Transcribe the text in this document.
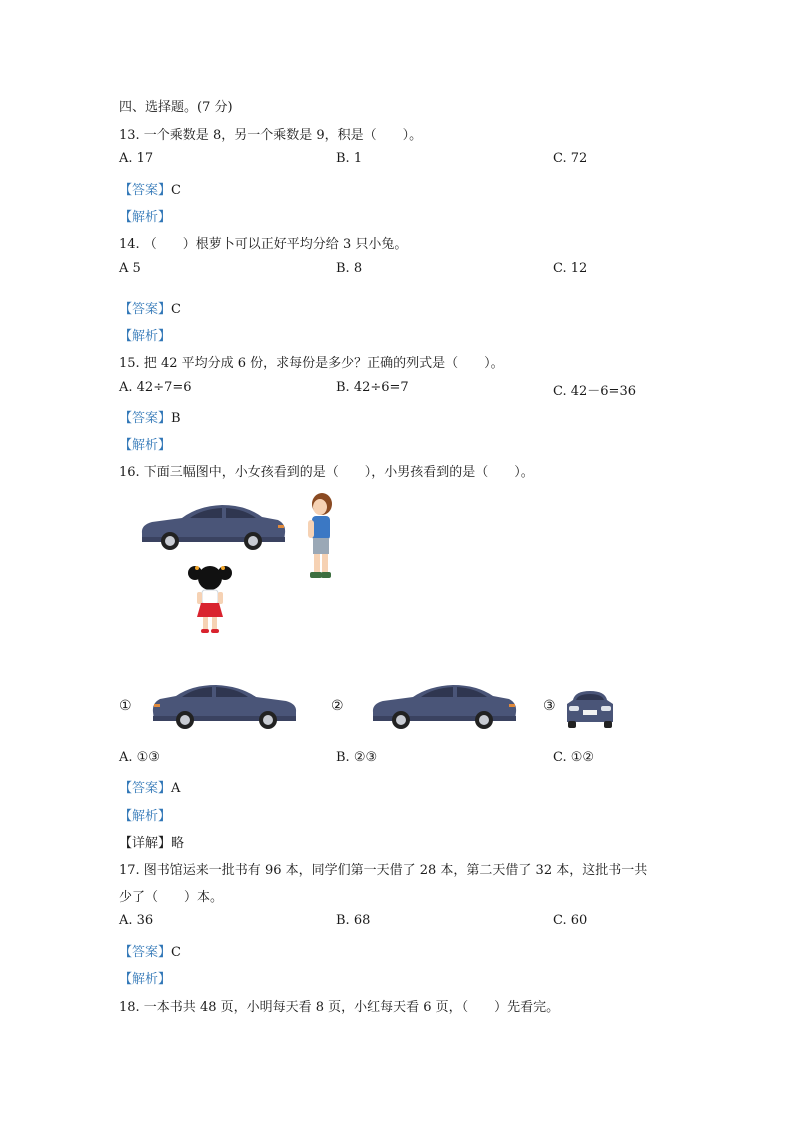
四、选择题。(7 分)
13. 一个乘数是 8，另一个乘数是 9，积是（　　）。
A. 17	B. 1	C. 72
【答案】C
【解析】
14. （　　）根萝卜可以正好平均分给 3 只小兔。
A 5	B. 8	C. 12
【答案】C
【解析】
15. 把 42 平均分成 6 份，求每份是多少？正确的列式是（　　）。
A. 42÷7=6	B. 42÷6=7	C. 42－6=36
【答案】B
【解析】
16. 下面三幅图中，小女孩看到的是（　　），小男孩看到的是（　　）。
①	②	③
A. ①③	B. ②③	C. ①②
【答案】A
【解析】
【详解】略
17. 图书馆运来一批书有 96 本，同学们第一天借了 28 本，第二天借了 32 本，这批书一共
少了（　　）本。
A. 36	B. 68	C. 60
【答案】C
【解析】
18. 一本书共 48 页，小明每天看 8 页，小红每天看 6 页，（　　）先看完。
